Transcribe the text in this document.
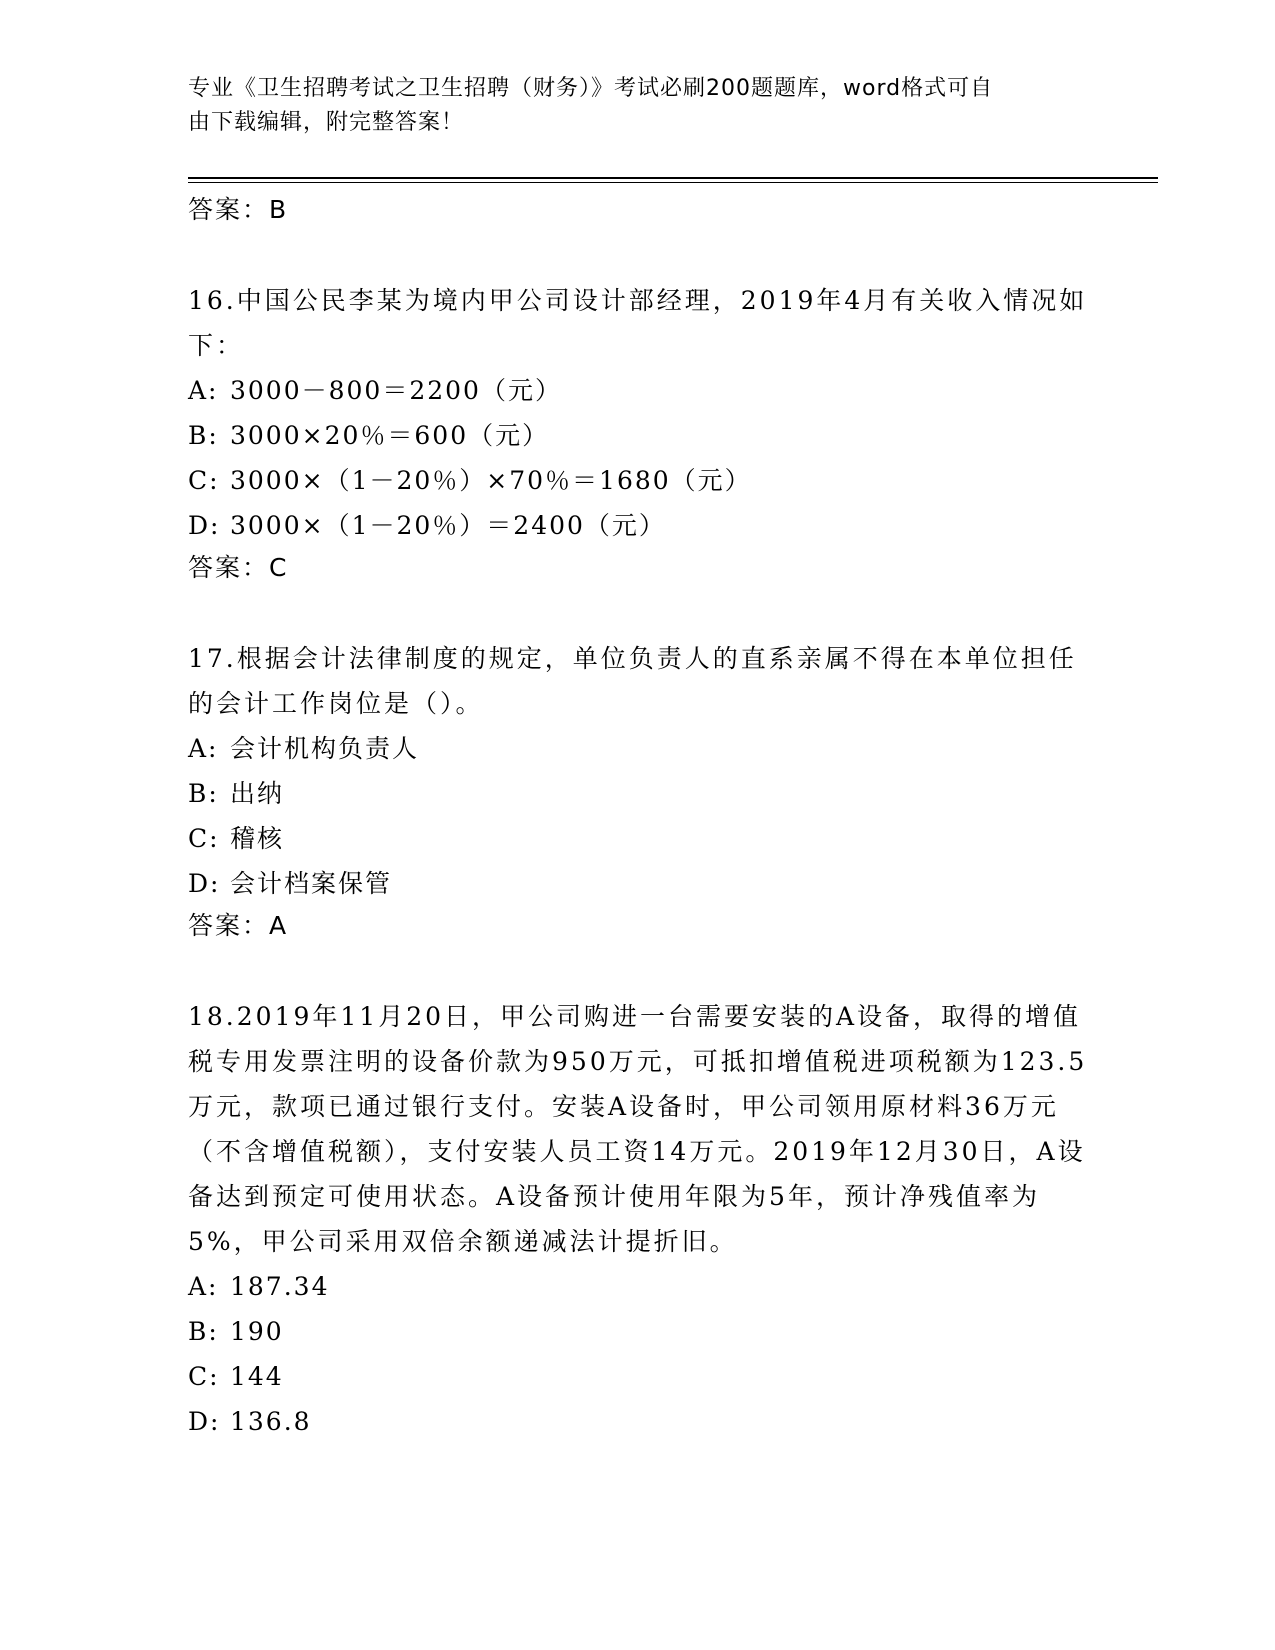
专业《卫生招聘考试之卫生招聘（财务）》考试必刷200题题库，word格式可自
由下载编辑，附完整答案！
答案：B

16.中国公民李某为境内甲公司设计部经理，2019年4月有关收入情况如下：

A: 3000－800＝2200（元）
B: 3000×20％＝600（元）
C: 3000×（1－20％）×70％＝1680（元）
D: 3000×（1－20％）＝2400（元）
答案：C

17.根据会计法律制度的规定，单位负责人的直系亲属不得在本单位担任的会计工作岗位是（）。

A: 会计机构负责人
B: 出纳
C: 稽核
D: 会计档案保管
答案：A

18.2019年11月20日，甲公司购进一台需要安装的A设备，取得的增值税专用发票注明的设备价款为950万元，可抵扣增值税进项税额为123.5万元，款项已通过银行支付。安装A设备时，甲公司领用原材料36万元（不含增值税额），支付安装人员工资14万元。2019年12月30日，A设备达到预定可使用状态。A设备预计使用年限为5年，预计净残值率为5%，甲公司采用双倍余额递减法计提折旧。

A: 187.34
B: 190
C: 144
D: 136.8
